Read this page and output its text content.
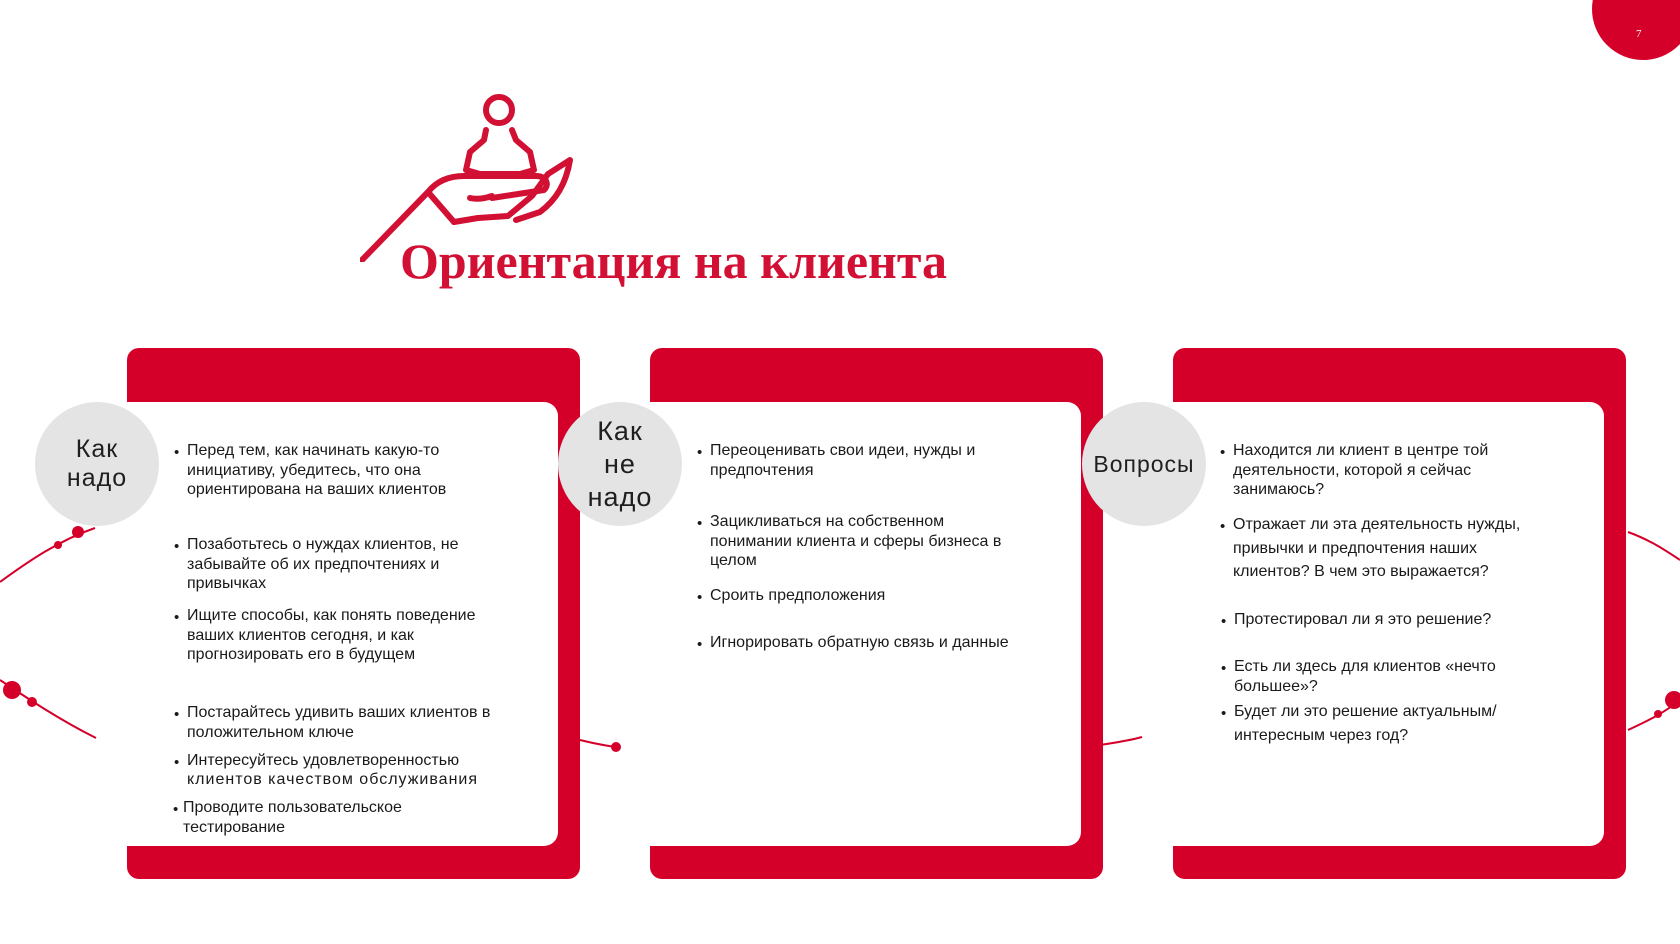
7
Ориентация на клиента
Как
надо
• Перед тем, как начинать какую-то инициативу, убедитесь, что она ориентирована на ваших клиентов
• Позаботьтесь о нуждах клиентов, не забывайте об их предпочтениях и привычках
• Ищите способы, как понять поведение ваших клиентов сегодня, и как прогнозировать его в будущем
• Постарайтесь удивить ваших клиентов в положительном ключе
• Интересуйтесь удовлетворенностью
клиентов качеством обслуживания
• Проводите пользовательское тестирование
Как
не
надо
• Переоценивать свои идеи, нужды и предпочтения
• Зацикливаться на собственном понимании клиента и сферы бизнеса в целом
• Сроить предположения
• Игнорировать обратную связь и данные
Вопросы
• Находится ли клиент в центре той деятельности, которой я сейчас занимаюсь?
• Отражает ли эта деятельность нужды, привычки и предпочтения наших клиентов? В чем это выражается?
• Протестировал ли я это решение?
• Есть ли здесь для клиентов «нечто большее»?
• Будет ли это решение актуальным/интересным через год?
